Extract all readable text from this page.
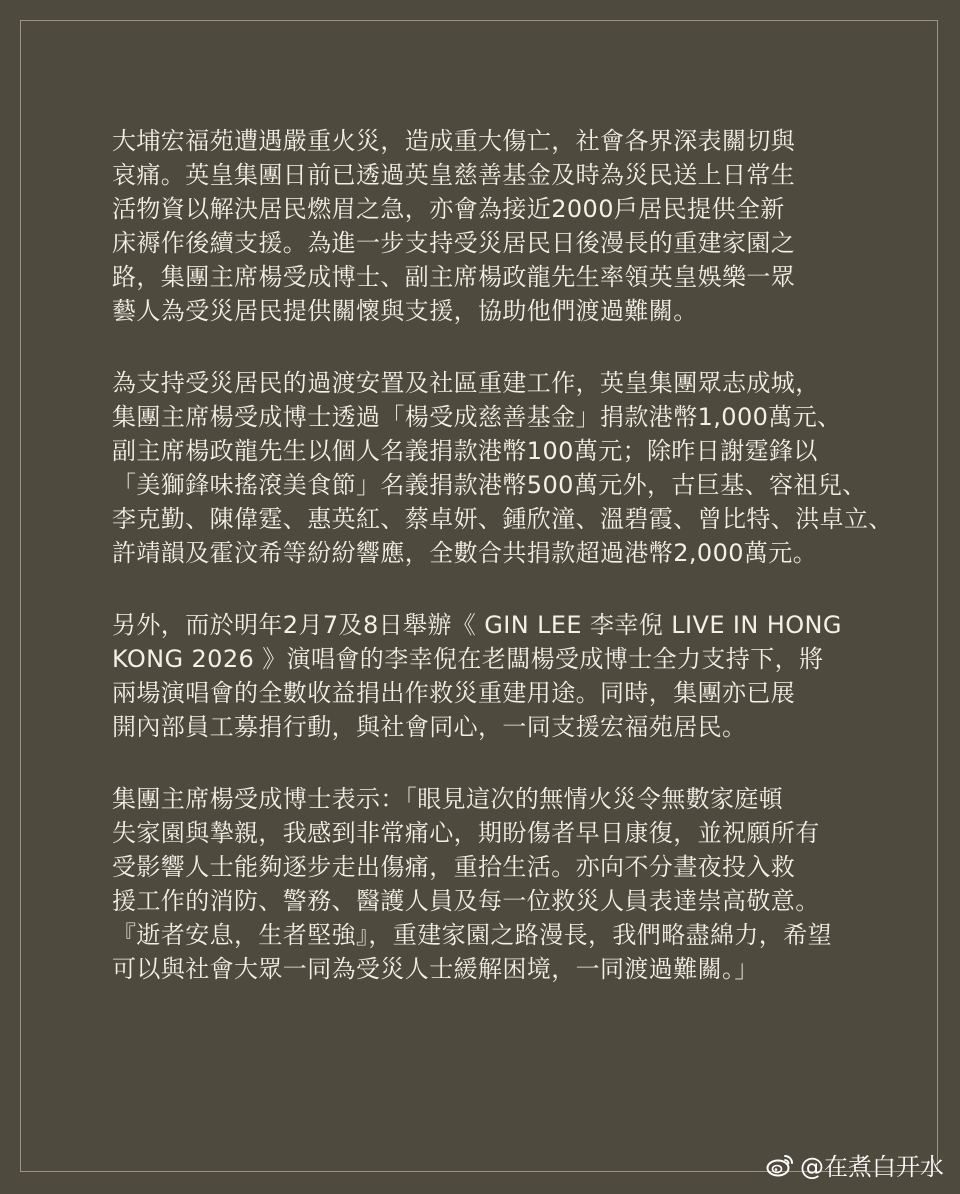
大埔宏福苑遭遇嚴重火災，造成重大傷亡，社會各界深表關切與
哀痛。英皇集團日前已透過英皇慈善基金及時為災民送上日常生
活物資以解決居民燃眉之急，亦會為接近2000戶居民提供全新
床褥作後續支援。為進一步支持受災居民日後漫長的重建家園之
路，集團主席楊受成博士、副主席楊政龍先生率領英皇娛樂一眾
藝人為受災居民提供關懷與支援，協助他們渡過難關。

為支持受災居民的過渡安置及社區重建工作，英皇集團眾志成城，
集團主席楊受成博士透過「楊受成慈善基金」捐款港幣1,000萬元、
副主席楊政龍先生以個人名義捐款港幣100萬元；除昨日謝霆鋒以
「美獅鋒味搖滾美食節」名義捐款港幣500萬元外，古巨基、容祖兒、
李克勤、陳偉霆、惠英紅、蔡卓妍、鍾欣潼、溫碧霞、曾比特、洪卓立、
許靖韻及霍汶希等紛紛響應，全數合共捐款超過港幣2,000萬元。

另外，而於明年2月7及8日舉辦《 GIN LEE 李幸倪 LIVE IN HONG
KONG 2026 》演唱會的李幸倪在老闆楊受成博士全力支持下，將
兩場演唱會的全數收益捐出作救災重建用途。同時，集團亦已展
開內部員工募捐行動，與社會同心，一同支援宏福苑居民。

集團主席楊受成博士表示：「眼見這次的無情火災令無數家庭頓
失家園與摯親，我感到非常痛心，期盼傷者早日康復，並祝願所有
受影響人士能夠逐步走出傷痛，重拾生活。亦向不分晝夜投入救
援工作的消防、警務、醫護人員及每一位救災人員表達崇高敬意。
『逝者安息，生者堅強』，重建家園之路漫長，我們略盡綿力，希望
可以與社會大眾一同為受災人士緩解困境，一同渡過難關。」

@在煮白开水
